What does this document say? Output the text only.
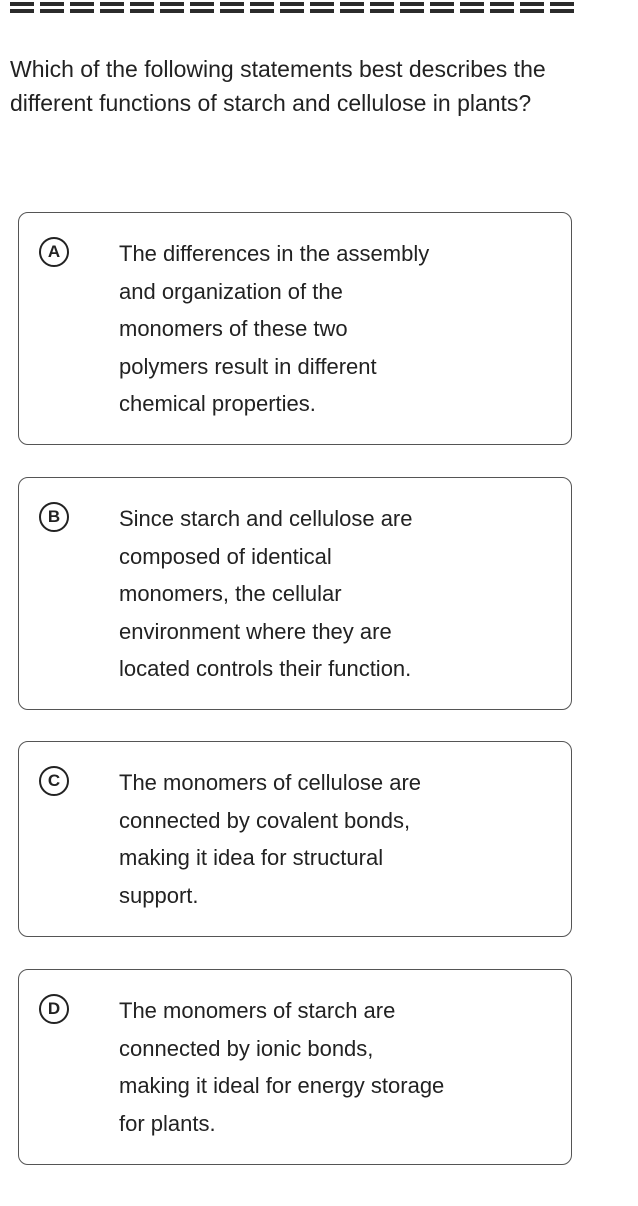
Which of the following statements best describes the different functions of starch and cellulose in plants?

A	The differences in the assembly
and organization of the
monomers of these two
polymers result in different
chemical properties.
B	Since starch and cellulose are
composed of identical
monomers, the cellular
environment where they are
located controls their function.
C	The monomers of cellulose are
connected by covalent bonds,
making it idea for structural
support.
D	The monomers of starch are
connected by ionic bonds,
making it ideal for energy storage
for plants.
